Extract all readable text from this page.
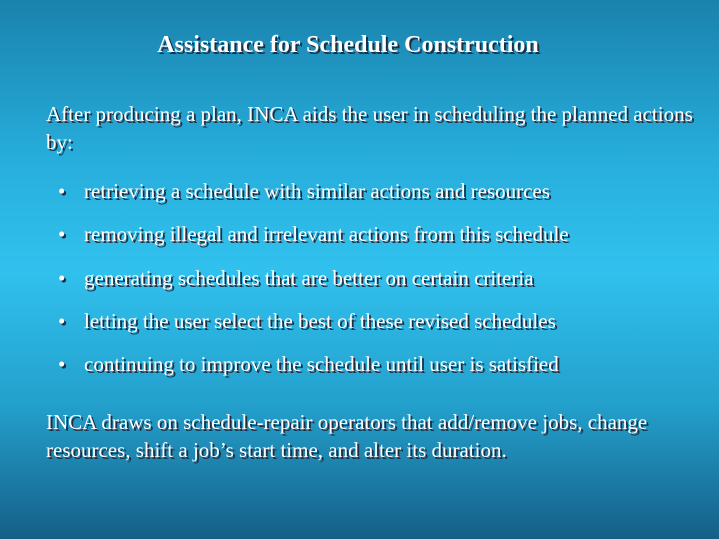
Assistance for Schedule Construction
After producing a plan, INCA aids the user in scheduling the planned actions by:
• retrieving a schedule with similar actions and resources
• removing illegal and irrelevant actions from this schedule
• generating schedules that are better on certain criteria
• letting the user select the best of these revised schedules
• continuing to improve the schedule until user is satisfied
INCA draws on schedule-repair operators that add/remove jobs, change resources, shift a job’s start time, and alter its duration.
